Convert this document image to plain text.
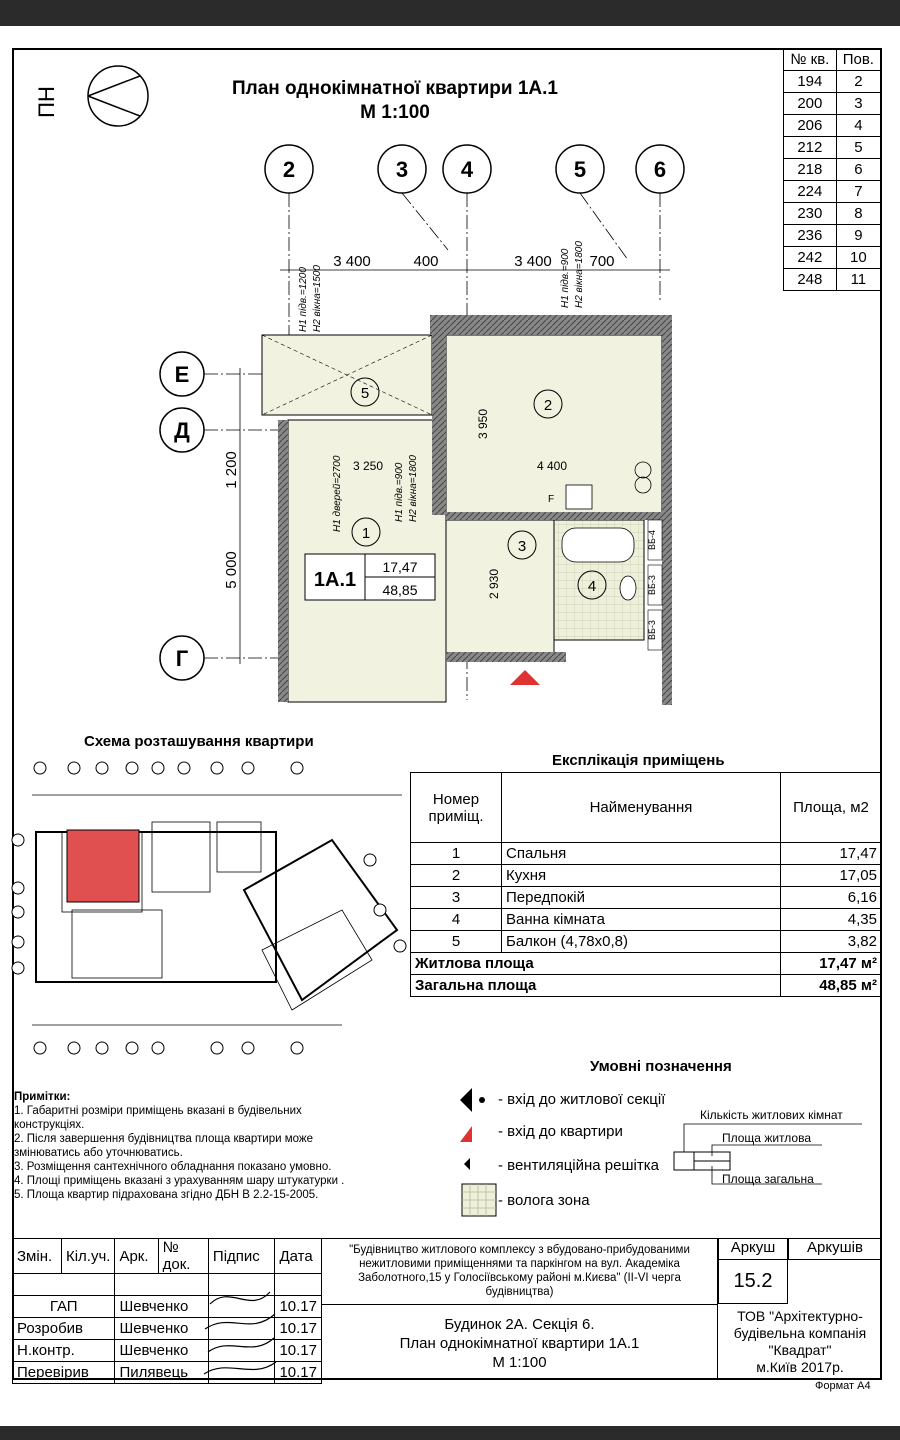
ПН	План однокімнатної квартири 1А.1
М 1:100
№ кв.	Пов.
194	2
200	3
206	4
212	5
218	6
224	7
230	8
236	9
242	10
248	11
2	3 4	5	6
Е
Д
Г
3 400	400	3 400	700
1 200
5 000
5
2
1
3
4
3 250	4 400
3 950
2 930
F
ВБ-4
ВБ-3
ВБ-3
H1 підв.=1200 H2 вікна=1500	H1 підв.=900 H2 вікна=1800
H1 дверей=2700	H1 підв.=900 H2 вікна=1800
1А.1
17,47
48,85
Схема розташування квартири
Експлікація приміщень
Номер приміщ.	Найменування	Площа, м2
1	Спальня	17,47
2	Кухня	17,05
3	Передпокій	6,16
4	Ванна кімната	4,35
5	Балкон (4,78х0,8)	3,82
Житлова площа		17,47 м²
Загальна площа		48,85 м²
Умовні позначення
- вхід до житлової секції
- вхід до квартири
- вентиляційна решітка
- волога зона
Кількість житлових кімнат
Площа житлова
Площа загальна
Примітки:
1. Габаритні розміри приміщень вказані в будівельних
конструкціях.
2. Після завершення будівництва площа квартири може
змінюватись або уточнюватись.
3. Розміщення сантехнічного обладнання показано умовно.
4. Площі приміщень вказані з урахуванням шару штукатурки .
5. Площа квартир підрахована згідно ДБН В 2.2-15-2005.
Змін.	Кіл.уч.	Арк.	№ док.	Підпис	Дата

ГАП		Шевченко			10.17
Розробив		Шевченко			10.17
Н.контр.		Шевченко			10.17
Перевірив		Пилявець			10.17
"Будівництво житлового комплексу з вбудовано-прибудованими нежитловими приміщеннями та паркінгом на вул. Академіка Заболотного,15 у Голосіївському районі м.Києва" (II-VI черга будівництва)
Будинок 2А. Секція 6.
План однокімнатної квартири 1А.1
М 1:100
Аркуш	Аркушів
15.2
ТОВ "Архітектурно-
будівельна компанія
"Квадрат"
м.Київ 2017р.
Формат А4
